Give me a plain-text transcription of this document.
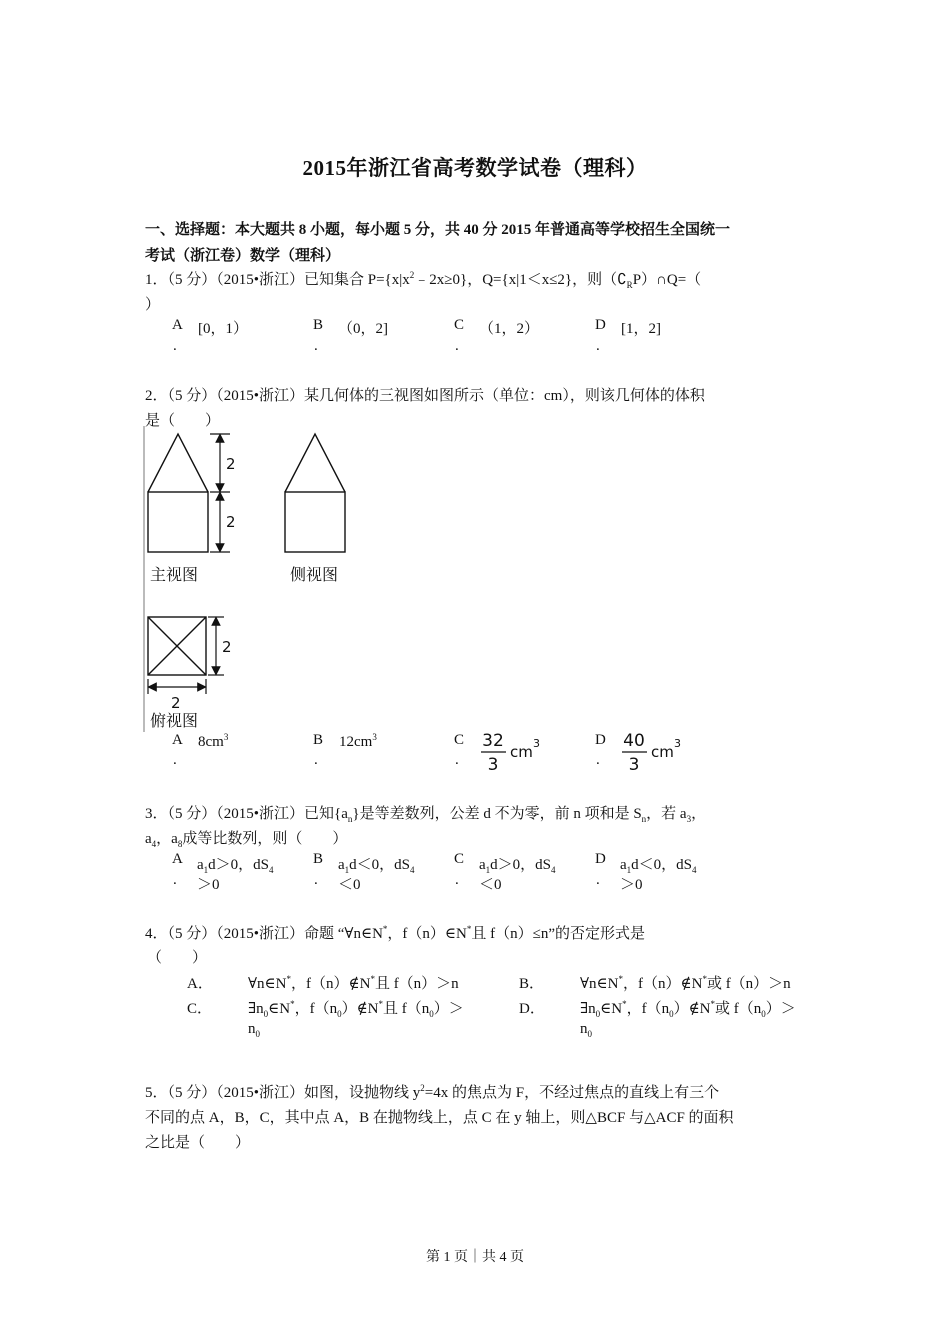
2015年浙江省高考数学试卷（理科）
一、选择题：本大题共 8 小题，每小题 5 分，共 40 分 2015 年普通高等学校招生全国统一
考试（浙江卷）数学（理科）
1．（5 分）（2015•浙江）已知集合 $P=\{x|x^2﹣2x\ge 0\}$，Q={x|1＜x≤2}，则$(∁_RP)\cap Q=$（
）
A [0，1）
.
B （0，2]
.
C （1，2）
.
D [1，2]
.
2．（5 分）（2015•浙江）某几何体的三视图如图所示（单位：cm），则该几何体的体积
是（　　）
2
2
主视图	侧视图
2
2
俯视图
A $8cm^3$
.
B $12cm^3$
.
C 32
3
cm 3
.
D 40
3
cm 3
.
3．（5 分）（2015•浙江）已知$\{a_n\}$是等差数列，公差 d 不为零，前 n 项和是 $S_n$，若 $a_3$，
$a_4$，$a_8$成等比数列，则（　　）
A $a_1d>0$，$dS_4$
. ＞0
B $a_1d<0$，$dS_4$
. ＜0
C $a_1d>0$，$dS_4$
. ＜0
D $a_1d<0$，$dS_4$
. ＞0
4．（5 分）（2015•浙江）命题 “∀n∈N*，f（n）∈N*且 f（n）≤n”的否定形式是
（　　）
A． ∀n∈N*，f（n）∉N*且 f（n）＞n	B． ∀n∈N*，f（n）∉N*或 f（n）＞n
C． $\exists n_0\in N^*$，$f(n_0)\notin N^*$且 $f(n_0)>$
$n_0$
D． $\exists n_0\in N^*$，$f(n_0)\notin N^*$或 $f(n_0)>$
$n_0$
5．（5 分）（2015•浙江）如图，设抛物线 $y^2=4x$ 的焦点为 F，不经过焦点的直线上有三个
不同的点 A，B，C，其中点 A，B 在抛物线上，点 C 在 y 轴上，则△BCF 与△ACF 的面积
之比是（　　）
第 1 页｜共 4 页
